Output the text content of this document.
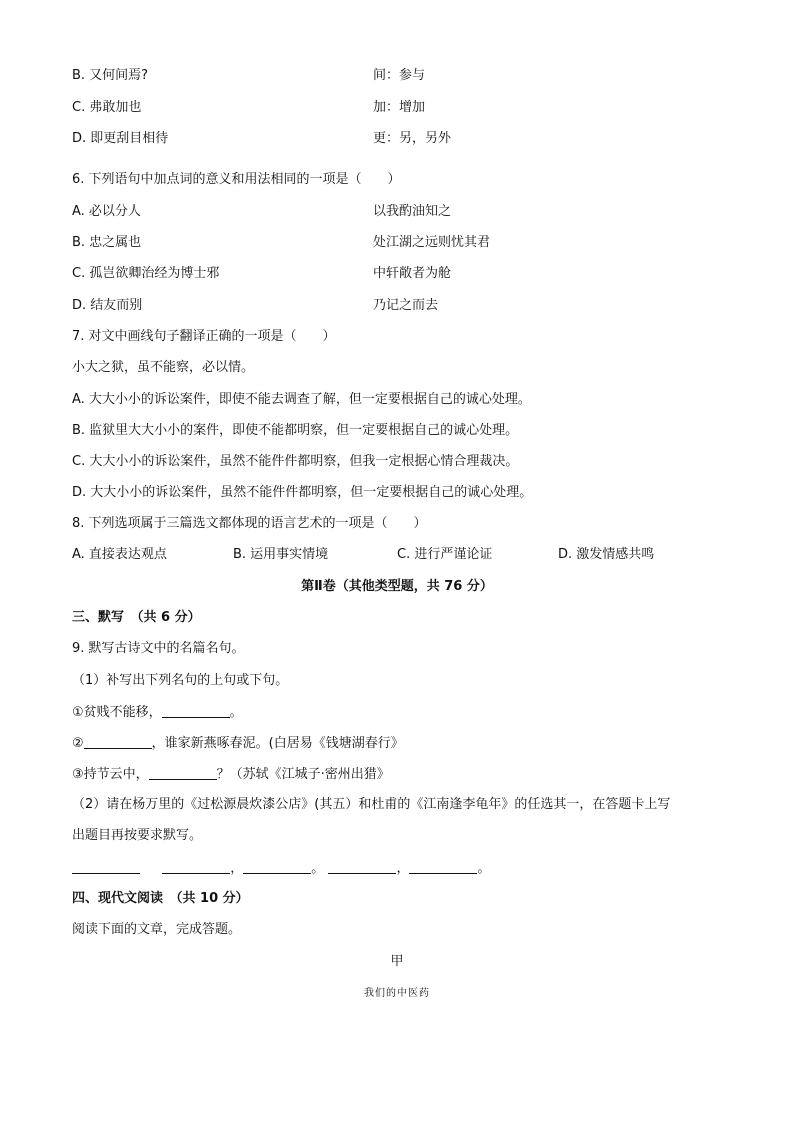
B. 又何间焉?	间：参与
C. 弗敢加也	加：增加
D. 即更刮目相待	更：另，另外
6. 下列语句中加点词的意义和用法相同的一项是（　　）
A. 必以分人	以我酌油知之
B. 忠之属也	处江湖之远则忧其君
C. 孤岂欲卿治经为博士邪	中轩敞者为舱
D. 结友而别	乃记之而去
7. 对文中画线句子翻译正确的一项是（　　）
小大之狱，虽不能察，必以情。
A. 大大小小的诉讼案件，即使不能去调查了解，但一定要根据自己的诚心处理。
B. 监狱里大大小小的案件，即使不能都明察，但一定要根据自己的诚心处理。
C. 大大小小的诉讼案件，虽然不能件件都明察，但我一定根据心情合理裁决。
D. 大大小小的诉讼案件，虽然不能件件都明察，但一定要根据自己的诚心处理。
8. 下列选项属于三篇选文都体现的语言艺术的一项是（　　）
A. 直接表达观点	B. 运用事实情境	C. 进行严谨论证	D. 激发情感共鸣
第Ⅱ卷（其他类型题，共 76 分）
三、默写　（共 6 分）
9. 默写古诗文中的名篇名句。
（1）补写出下列名句的上句或下句。
①贫贱不能移，	。
②	，谁家新燕啄春泥。(白居易《钱塘湖春行》
③持节云中，	？（苏轼《江城子·密州出猎》
（2）请在杨万里的《过松源晨炊漆公店》(其五）和杜甫的《江南逢李龟年》的任选其一，在答题卡上写
出题目再按要求默写。
，	。	，	。
四、现代文阅读　（共 10 分）
阅读下面的文章，完成答题。
甲
我们的中医药
